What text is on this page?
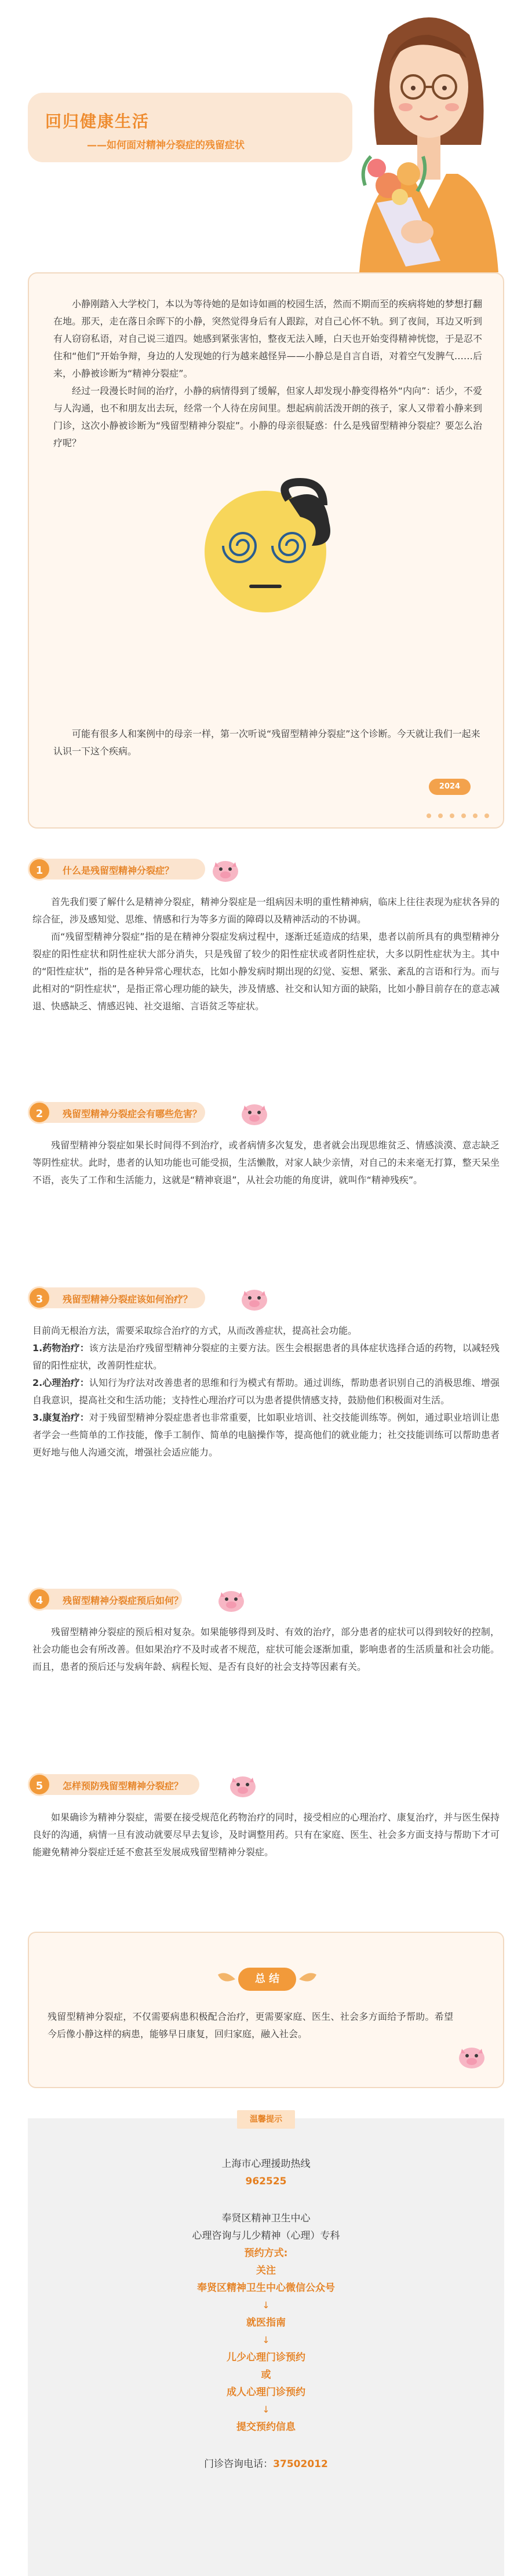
回归健康生活
——如何面对精神分裂症的残留症状

小静刚踏入大学校门，本以为等待她的是如诗如画的校园生活，然而不期而至的疾病将她的梦想打翻在地。那天，走在落日余晖下的小静，突然觉得身后有人跟踪，对自己心怀不轨。到了夜间，耳边又听到有人窃窃私语，对自己说三道四。她感到紧张害怕，整夜无法入睡，白天也开始变得精神恍惚，于是忍不住和“他们”开始争辩，身边的人发现她的行为越来越怪异——小静总是自言自语，对着空气发脾气……后来，小静被诊断为“精神分裂症”。

经过一段漫长时间的治疗，小静的病情得到了缓解，但家人却发现小静变得格外“内向”：话少，不爱与人沟通，也不和朋友出去玩，经常一个人待在房间里。想起病前活泼开朗的孩子，家人又带着小静来到门诊，这次小静被诊断为“残留型精神分裂症”。小静的母亲很疑惑：什么是残留型精神分裂症？要怎么治疗呢？

可能有很多人和案例中的母亲一样，第一次听说“残留型精神分裂症”这个诊断。今天就让我们一起来认识一下这个疾病。
2024
1	什么是残留型精神分裂症？

首先我们要了解什么是精神分裂症，精神分裂症是一组病因未明的重性精神病，临床上往往表现为症状各异的综合征，涉及感知觉、思维、情感和行为等多方面的障碍以及精神活动的不协调。

而“残留型精神分裂症”指的是在精神分裂症发病过程中，逐渐迁延造成的结果，患者以前所具有的典型精神分裂症的阳性症状和阴性症状大部分消失，只是残留了较少的阳性症状或者阴性症状，大多以阴性症状为主。其中的“阳性症状”，指的是各种异常心理状态，比如小静发病时期出现的幻觉、妄想、紧张、紊乱的言语和行为。而与此相对的“阴性症状”，是指正常心理功能的缺失，涉及情感、社交和认知方面的缺陷，比如小静目前存在的意志减退、快感缺乏、情感迟钝、社交退缩、言语贫乏等症状。

2	残留型精神分裂症会有哪些危害？

残留型精神分裂症如果长时间得不到治疗，或者病情多次复发，患者就会出现思维贫乏、情感淡漠、意志缺乏等阴性症状。此时，患者的认知功能也可能受损，生活懒散，对家人缺少亲情，对自己的未来毫无打算，整天呆坐不语，丧失了工作和生活能力，这就是“精神衰退”，从社会功能的角度讲，就叫作“精神残疾”。

3	残留型精神分裂症该如何治疗？

目前尚无根治方法，需要采取综合治疗的方式，从而改善症状，提高社会功能。

1.药物治疗：该方法是治疗残留型精神分裂症的主要方法。医生会根据患者的具体症状选择合适的药物，以减轻残留的阳性症状，改善阴性症状。

2.心理治疗：认知行为疗法对改善患者的思维和行为模式有帮助。通过训练，帮助患者识别自己的消极思维、增强自我意识，提高社交和生活功能；支持性心理治疗可以为患者提供情感支持，鼓励他们积极面对生活。

3.康复治疗：对于残留型精神分裂症患者也非常重要，比如职业培训、社交技能训练等。例如，通过职业培训让患者学会一些简单的工作技能，像手工制作、简单的电脑操作等，提高他们的就业能力；社交技能训练可以帮助患者更好地与他人沟通交流，增强社会适应能力。

4	残留型精神分裂症预后如何？

残留型精神分裂症的预后相对复杂。如果能够得到及时、有效的治疗，部分患者的症状可以得到较好的控制，社会功能也会有所改善。但如果治疗不及时或者不规范，症状可能会逐渐加重，影响患者的生活质量和社会功能。而且，患者的预后还与发病年龄、病程长短、是否有良好的社会支持等因素有关。

5	怎样预防残留型精神分裂症？

如果确诊为精神分裂症，需要在接受规范化药物治疗的同时，接受相应的心理治疗、康复治疗，并与医生保持良好的沟通，病情一旦有波动就要尽早去复诊，及时调整用药。只有在家庭、医生、社会多方面支持与帮助下才可能避免精神分裂症迁延不愈甚至发展成残留型精神分裂症。

总 结
残留型精神分裂症，不仅需要病患积极配合治疗，更需要家庭、医生、社会多方面给予帮助。希望今后像小静这样的病患，能够早日康复，回归家庭，融入社会。
温馨提示
上海市心理援助热线
962525
奉贤区精神卫生中心
心理咨询与儿少精神（心理）专科
预约方式:
关注
奉贤区精神卫生中心微信公众号
↓
就医指南
↓
儿少心理门诊预约
或
成人心理门诊预约
↓
提交预约信息
门诊咨询电话：37502012
